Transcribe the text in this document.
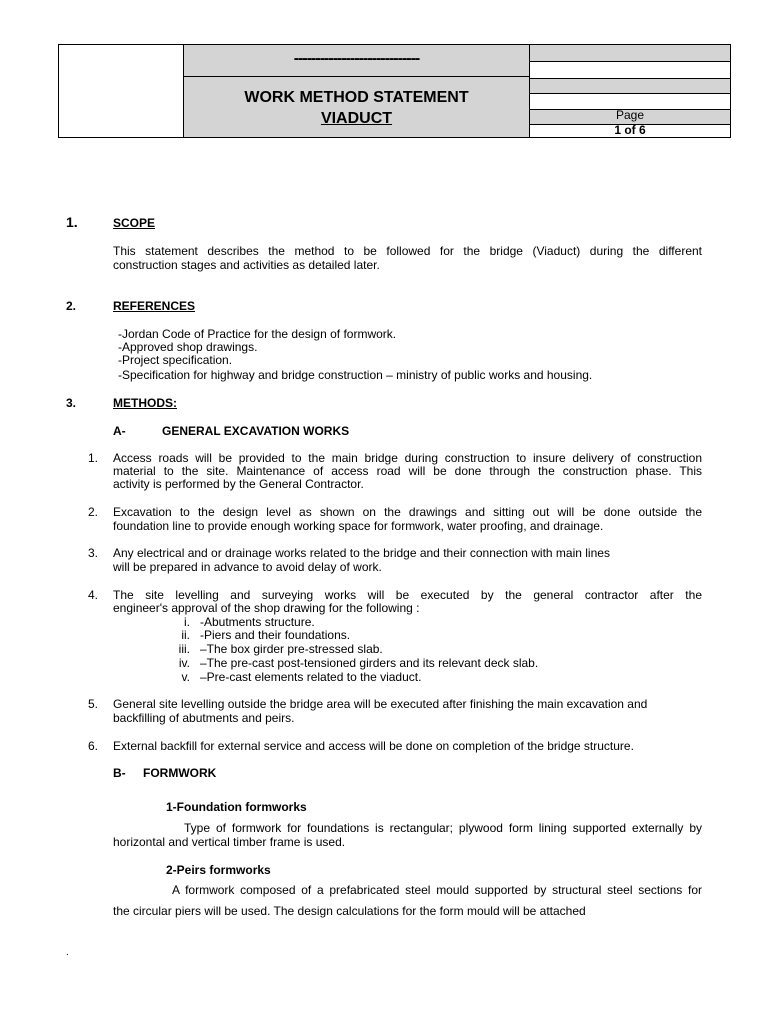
-----------------------------
WORK METHOD STATEMENT
VIADUCT	Page
1 of 6
1.	SCOPE
This statement describes the method to be followed for the bridge (Viaduct) during the different
construction stages and activities as detailed later.
2.	REFERENCES
-Jordan Code of Practice for the design of formwork.
-Approved shop drawings.
-Project specification.
-Specification for highway and bridge construction – ministry of public works and housing.
3.	METHODS:
A-	GENERAL EXCAVATION WORKS
1. Access roads will be provided to the main bridge during construction to insure delivery of construction
material to the site. Maintenance of access road will be done through the construction phase. This
activity is performed by the General Contractor.
2. Excavation to the design level as shown on the drawings and sitting out will be done outside the
foundation line to provide enough working space for formwork, water proofing, and drainage.
3. Any electrical and or drainage works related to the bridge and their connection with main lines
will be prepared in advance to avoid delay of work.
4. The site levelling and surveying works will be executed by the general contractor after the
engineer's approval of the shop drawing for the following :
i. -Abutments structure.
ii. -Piers and their foundations.
iii. –The box girder pre-stressed slab.
iv. –The pre-cast post-tensioned girders and its relevant deck slab.
v. –Pre-cast elements related to the viaduct.
5. General site levelling outside the bridge area will be executed after finishing the main excavation and
backfilling of abutments and peirs.
6. External backfill for external service and access will be done on completion of the bridge structure.
B- FORMWORK
1-Foundation formworks
Type of formwork for foundations is rectangular; plywood form lining supported externally by
horizontal and vertical timber frame is used.
2-Peirs formworks
A formwork composed of a prefabricated steel mould supported by structural steel sections for
the circular piers will be used. The design calculations for the form mould will be attached
.
